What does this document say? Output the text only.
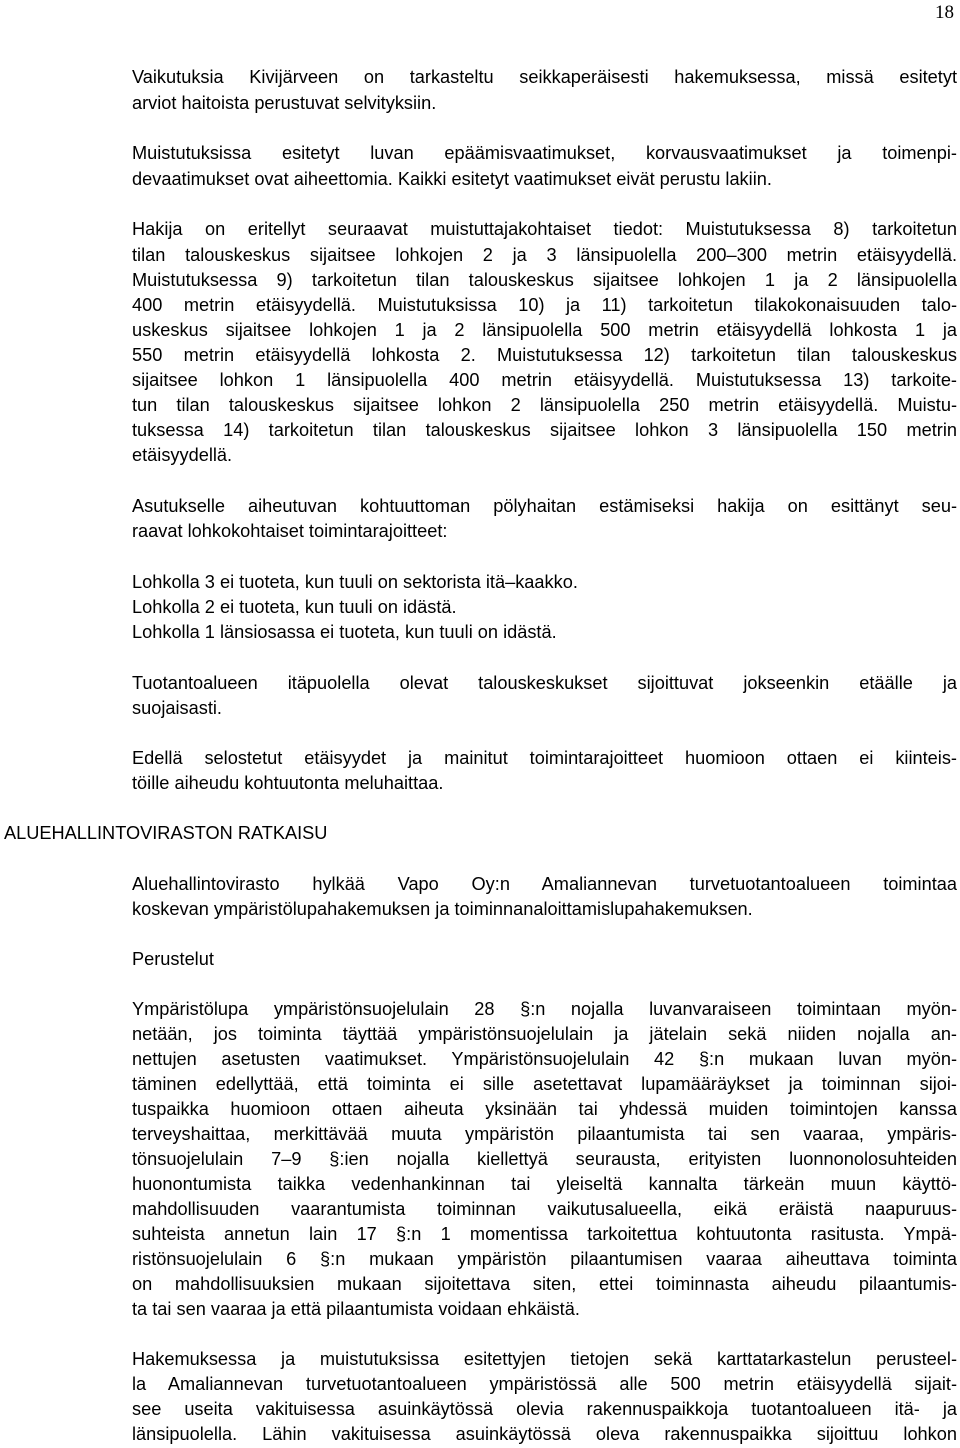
18
Vaikutuksia Kivijärveen on tarkasteltu seikkaperäisesti hakemuksessa, missä esitetyt
arviot haitoista perustuvat selvityksiin.
Muistutuksissa esitetyt luvan epäämisvaatimukset, korvausvaatimukset ja toimenpi-
devaatimukset ovat aiheettomia. Kaikki esitetyt vaatimukset eivät perustu lakiin.
Hakija on eritellyt seuraavat muistuttajakohtaiset tiedot: Muistutuksessa 8) tarkoitetun
tilan talouskeskus sijaitsee lohkojen 2 ja 3 länsipuolella 200–300 metrin etäisyydellä.
Muistutuksessa 9) tarkoitetun tilan talouskeskus sijaitsee lohkojen 1 ja 2 länsipuolella
400 metrin etäisyydellä. Muistutuksissa 10) ja 11) tarkoitetun tilakokonaisuuden talo-
uskeskus sijaitsee lohkojen 1 ja 2 länsipuolella 500 metrin etäisyydellä lohkosta 1 ja
550 metrin etäisyydellä lohkosta 2. Muistutuksessa 12) tarkoitetun tilan talouskeskus
sijaitsee lohkon 1 länsipuolella 400 metrin etäisyydellä. Muistutuksessa 13) tarkoite-
tun tilan talouskeskus sijaitsee lohkon 2 länsipuolella 250 metrin etäisyydellä. Muistu-
tuksessa 14) tarkoitetun tilan talouskeskus sijaitsee lohkon 3 länsipuolella 150 metrin
etäisyydellä.
Asutukselle aiheutuvan kohtuuttoman pölyhaitan estämiseksi hakija on esittänyt seu-
raavat lohkokohtaiset toimintarajoitteet:
Lohkolla 3 ei tuoteta, kun tuuli on sektorista itä–kaakko.
Lohkolla 2 ei tuoteta, kun tuuli on idästä.
Lohkolla 1 länsiosassa ei tuoteta, kun tuuli on idästä.
Tuotantoalueen itäpuolella olevat talouskeskukset sijoittuvat jokseenkin etäälle ja
suojaisasti.
Edellä selostetut etäisyydet ja mainitut toimintarajoitteet huomioon ottaen ei kiinteis-
töille aiheudu kohtuutonta meluhaittaa.
ALUEHALLINTOVIRASTON RATKAISU
Aluehallintovirasto hylkää Vapo Oy:n Amaliannevan turvetuotantoalueen toimintaa
koskevan ympäristölupahakemuksen ja toiminnanaloittamislupahakemuksen.
Perustelut
Ympäristölupa ympäristönsuojelulain 28 §:n nojalla luvanvaraiseen toimintaan myön-
netään, jos toiminta täyttää ympäristönsuojelulain ja jätelain sekä niiden nojalla an-
nettujen asetusten vaatimukset. Ympäristönsuojelulain 42 §:n mukaan luvan myön-
täminen edellyttää, että toiminta ei sille asetettavat lupamääräykset ja toiminnan sijoi-
tuspaikka huomioon ottaen aiheuta yksinään tai yhdessä muiden toimintojen kanssa
terveyshaittaa, merkittävää muuta ympäristön pilaantumista tai sen vaaraa, ympäris-
tönsuojelulain 7–9 §:ien nojalla kiellettyä seurausta, erityisten luonnonolosuhteiden
huonontumista taikka vedenhankinnan tai yleiseltä kannalta tärkeän muun käyttö-
mahdollisuuden vaarantumista toiminnan vaikutusalueella, eikä eräistä naapuruus-
suhteista annetun lain 17 §:n 1 momentissa tarkoitettua kohtuutonta rasitusta. Ympä-
ristönsuojelulain 6 §:n mukaan ympäristön pilaantumisen vaaraa aiheuttava toiminta
on mahdollisuuksien mukaan sijoitettava siten, ettei toiminnasta aiheudu pilaantumis-
ta tai sen vaaraa ja että pilaantumista voidaan ehkäistä.
Hakemuksessa ja muistutuksissa esitettyjen tietojen sekä karttatarkastelun perusteel-
la Amaliannevan turvetuotantoalueen ympäristössä alle 500 metrin etäisyydellä sijait-
see useita vakituisessa asuinkäytössä olevia rakennuspaikkoja tuotantoalueen itä- ja
länsipuolella. Lähin vakituisessa asuinkäytössä oleva rakennuspaikka sijoittuu lohkon
